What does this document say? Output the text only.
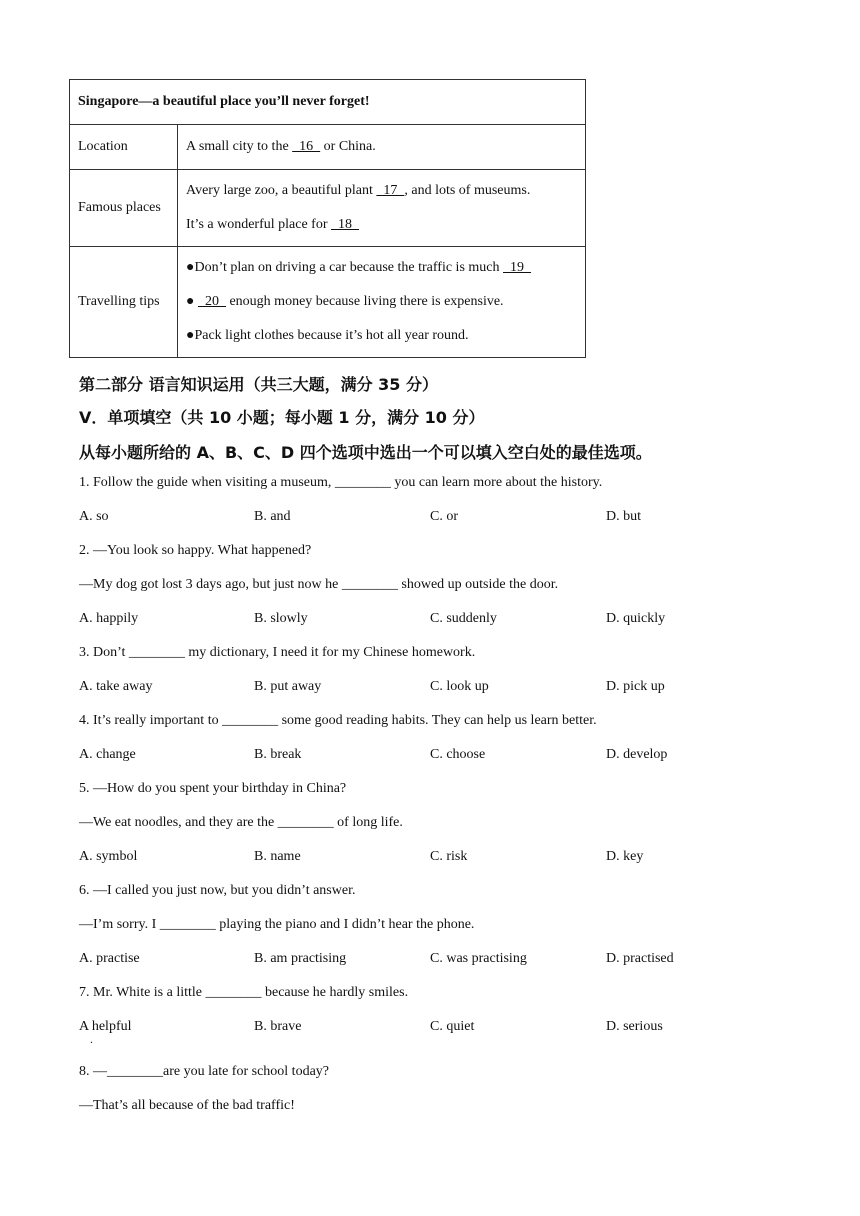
Singapore—a beautiful place you’ll never forget!	
Location	A small city to the   16   or China.
Famous places	Avery large zoo, a beautiful plant   17  , and lots of museums.
It’s a wonderful place for   18

Travelling tips	●Don’t plan on driving a car because the traffic is much   19
●   20   enough money because living there is expensive.
●Pack light clothes because it’s hot all year round.
第二部分 语言知识运用（共三大题，满分 35 分）
V．单项填空（共 10 小题；每小题 1 分，满分 10 分）
从每小题所给的 A、B、C、D 四个选项中选出一个可以填入空白处的最佳选项。
1. Follow the guide when visiting a museum, ________ you can learn more about the history.
A. so	B. and	C. or	D. but
2. —You look so happy. What happened?
—My dog got lost 3 days ago, but just now he ________ showed up outside the door.
A. happily	B. slowly	C. suddenly	D. quickly
3. Don’t ________ my dictionary, I need it for my Chinese homework.
A. take away	B. put away	C. look up	D. pick up
4. It’s really important to ________ some good reading habits. They can help us learn better.
A. change	B. break	C. choose	D. develop
5. —How do you spent your birthday in China?
—We eat noodles, and they are the ________ of long life.
A. symbol	B. name	C. risk	D. key
6. —I called you just now, but you didn’t answer.
—I’m sorry. I ________ playing the piano and I didn’t hear the phone.
A. practise	B. am practising	C. was practising	D. practised
7. Mr. White is a little ________ because he hardly smiles.
A helpful	B. brave	C. quiet	D. serious
8. —________are you late for school today?
—That’s all because of the bad traffic!
.
